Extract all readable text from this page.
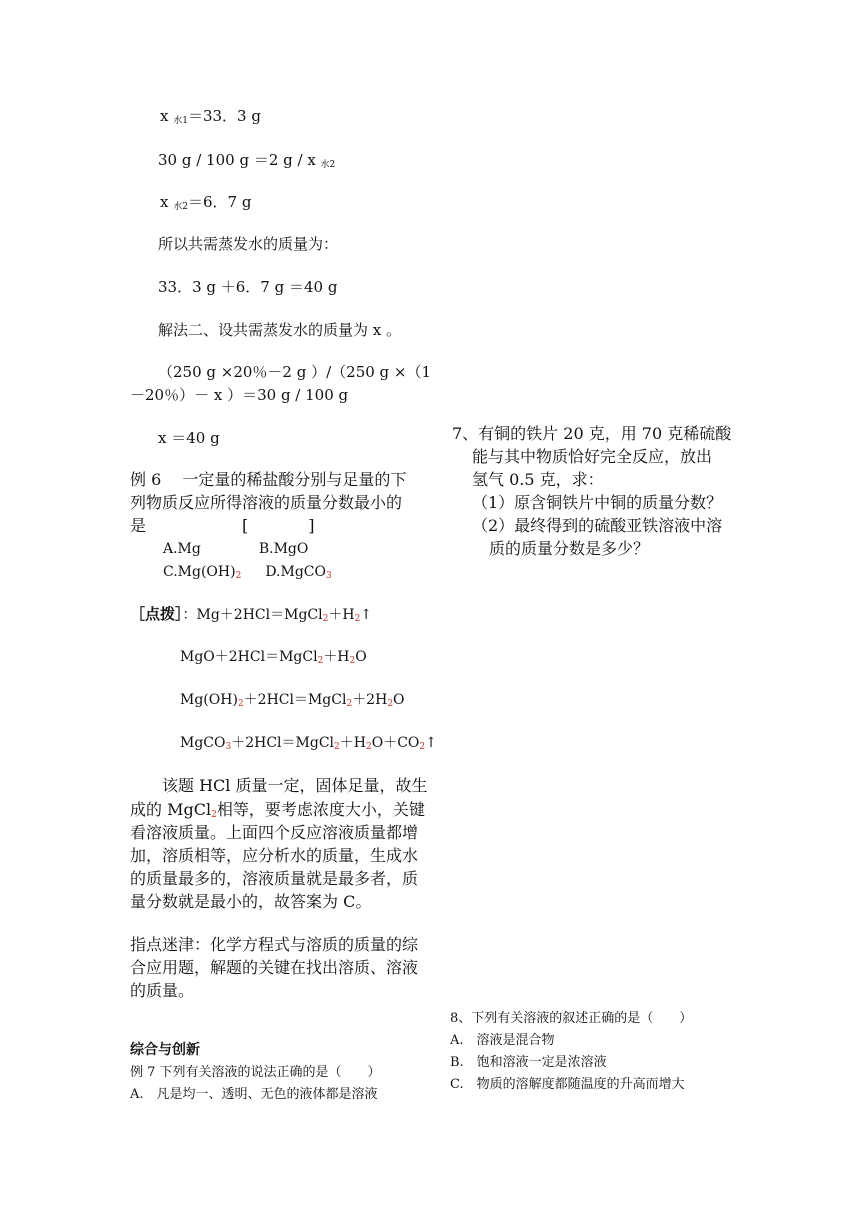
x $_{水1}$＝33．3 g

30 g / 100 g ＝2 g / x $_{水2}$

x $_{水2}$＝6．7 g

所以共需蒸发水的质量为：

33．3 g ＋6．7 g ＝40 g

解法二、设共需蒸发水的质量为 x 。

（250 g ×20％－2 g ）/（250 g ×（1

－20％）－ x ）＝30 g / 100 g

x ＝40 g

例 6　 一定量的稀盐酸分别与足量的下

列物质反应所得溶液的质量分数最小的

是	[	]

A.Mg	B.MgO

$C.Mg(OH)_2$ D.MgCO$_3$

［点拨］：$Mg+2HCl=MgCl_2+H_2↑$

$MgO+2HCl=MgCl_2+H_2O$

$Mg(OH)_2+2HCl=MgCl_2+2H_2O$

$MgCO_3+2HCl=MgCl_2+H_2O+CO_2↑$

该题 HCl 质量一定，固体足量，故生

成的 MgCl$_2$相等，要考虑浓度大小，关键

看溶液质量。上面四个反应溶液质量都增

加，溶质相等，应分析水的质量，生成水

的质量最多的，溶液质量就是最多者，质

量分数就是最小的，故答案为 C。

指点迷津：化学方程式与溶质的质量的综

合应用题，解题的关键在找出溶质、溶液

的质量。

综合与创新

例 7 下列有关溶液的说法正确的是（　　）

A.　凡是均一、透明、无色的液体都是溶液

7、有铜的铁片 20 克，用 70 克稀硫酸

能与其中物质恰好完全反应，放出

氢气 0.5 克，求：

（1）原含铜铁片中铜的质量分数？

（2）最终得到的硫酸亚铁溶液中溶

质的质量分数是多少？

8、下列有关溶液的叙述正确的是（　　）

A.　溶液是混合物

B.　饱和溶液一定是浓溶液

C.　物质的溶解度都随温度的升高而增大
